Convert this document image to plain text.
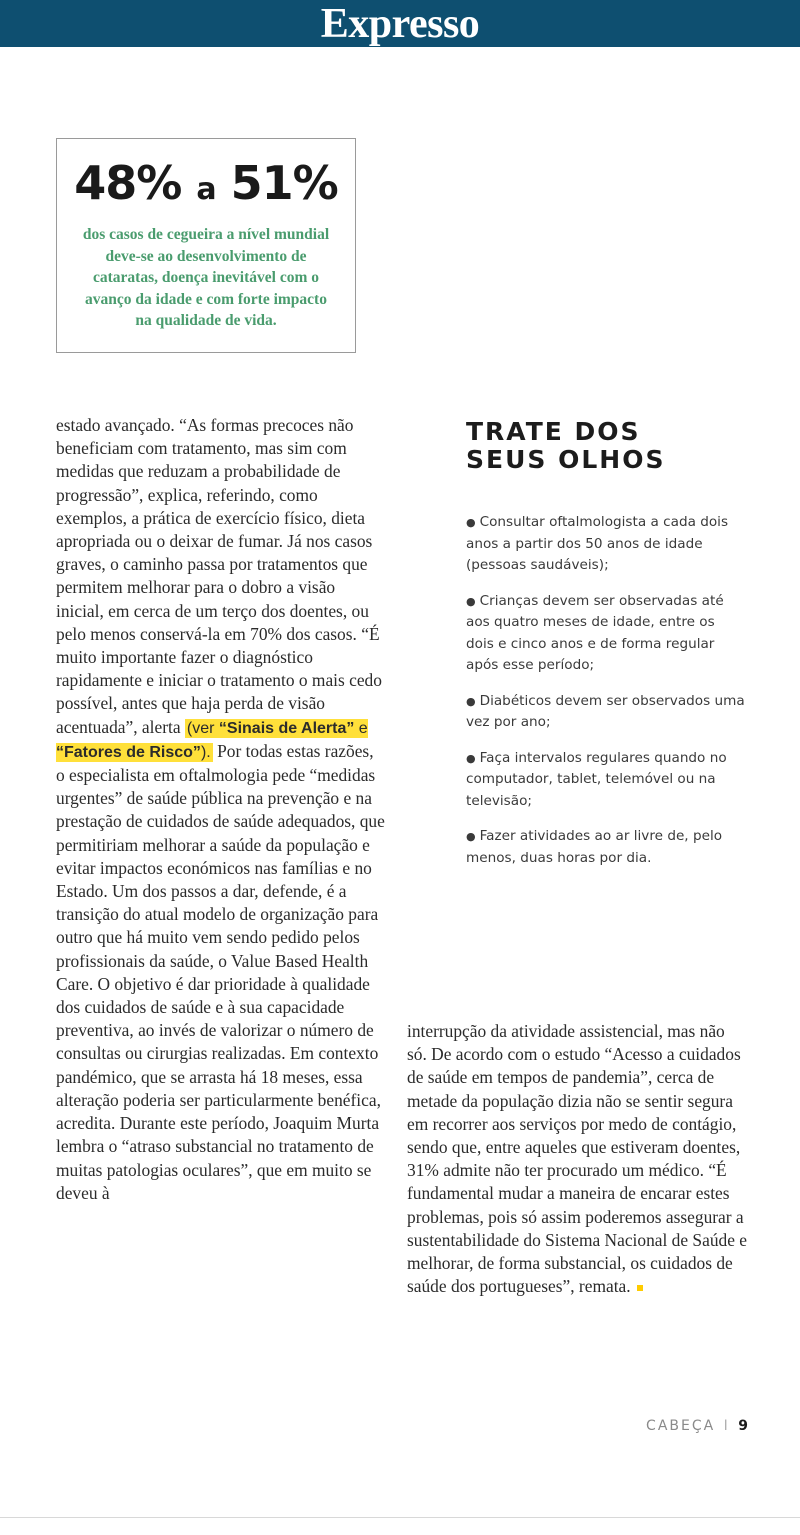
Expresso
48% a 51%
dos casos de cegueira a nível mundial deve-se ao desenvolvimento de cataratas, doença inevitável com o avanço da idade e com forte impacto na qualidade de vida.

estado avançado. “As formas precoces não beneficiam com tratamento, mas sim com medidas que reduzam a probabilidade de progressão”, explica, referindo, como exemplos, a prática de exercício físico, dieta apropriada ou o deixar de fumar. Já nos casos graves, o caminho passa por tratamentos que permitem melhorar para o dobro a visão inicial, em cerca de um terço dos doentes, ou pelo menos conservá-la em 70% dos casos. “É muito importante fazer o diagnóstico rapidamente e iniciar o tratamento o mais cedo possível, antes que haja perda de visão acentuada”, alerta (ver “Sinais de Alerta” e “Fatores de Risco”). Por todas estas razões, o especialista em oftalmologia pede “medidas urgentes” de saúde pública na prevenção e na prestação de cuidados de saúde adequados, que permitiriam melhorar a saúde da população e evitar impactos económicos nas famílias e no Estado. Um dos passos a dar, defende, é a transição do atual modelo de organização para outro que há muito vem sendo pedido pelos profissionais da saúde, o Value Based Health Care. O objetivo é dar prioridade à qualidade dos cuidados de saúde e à sua capacidade preventiva, ao invés de valorizar o número de consultas ou cirurgias realizadas. Em contexto pandémico, que se arrasta há 18 meses, essa alteração poderia ser particularmente benéfica, acredita. Durante este período, Joaquim Murta lembra o “atraso substancial no tratamento de muitas patologias oculares”, que em muito se deveu à

TRATE DOS
SEUS OLHOS
● Consultar oftalmologista a cada dois anos a partir dos 50 anos de idade (pessoas saudáveis);
● Crianças devem ser observadas até aos quatro meses de idade, entre os dois e cinco anos e de forma regular após esse período;
● Diabéticos devem ser observados uma vez por ano;
● Faça intervalos regulares quando no computador, tablet, telemóvel ou na televisão;
● Fazer atividades ao ar livre de, pelo menos, duas horas por dia.

interrupção da atividade assistencial, mas não só. De acordo com o estudo “Acesso a cuidados de saúde em tempos de pandemia”, cerca de metade da população dizia não se sentir segura em recorrer aos serviços por medo de contágio, sendo que, entre aqueles que estiveram doentes, 31% admite não ter procurado um médico. “É fundamental mudar a maneira de encarar estes problemas, pois só assim poderemos assegurar a sustentabilidade do Sistema Nacional de Saúde e melhorar, de forma substancial, os cuidados de saúde dos portugueses”, remata.

CABEÇA I 9
